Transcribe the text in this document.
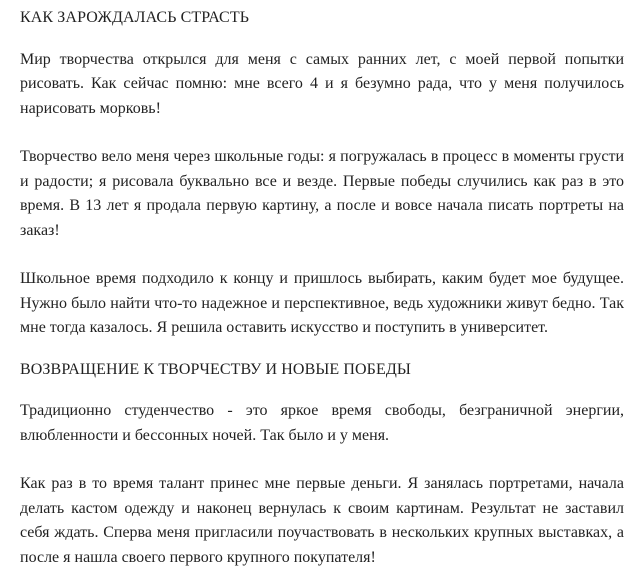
КАК ЗАРОЖДАЛАСЬ СТРАСТЬ

Мир творчества открылся для меня с самых ранних лет, с моей первой попытки рисовать. Как сейчас помню: мне всего 4 и я безумно рада, что у меня получилось нарисовать морковь!

Творчество вело меня через школьные годы: я погружалась в процесс в моменты грусти и радости; я рисовала буквально все и везде. Первые победы случились как раз в это время. В 13 лет я продала первую картину, а после и вовсе начала писать портреты на заказ!

Школьное время подходило к концу и пришлось выбирать, каким будет мое будущее. Нужно было найти что-то надежное и перспективное, ведь художники живут бедно. Так мне тогда казалось. Я решила оставить искусство и поступить в университет.

ВОЗВРАЩЕНИЕ К ТВОРЧЕСТВУ И НОВЫЕ ПОБЕДЫ

Традиционно студенчество - это яркое время свободы, безграничной энергии, влюбленности и бессонных ночей. Так было и у меня.

Как раз в то время талант принес мне первые деньги. Я занялась портретами, начала делать кастом одежду и наконец вернулась к своим картинам. Результат не заставил себя ждать. Сперва меня пригласили поучаствовать в нескольких крупных выставках, а после я нашла своего первого крупного покупателя!
